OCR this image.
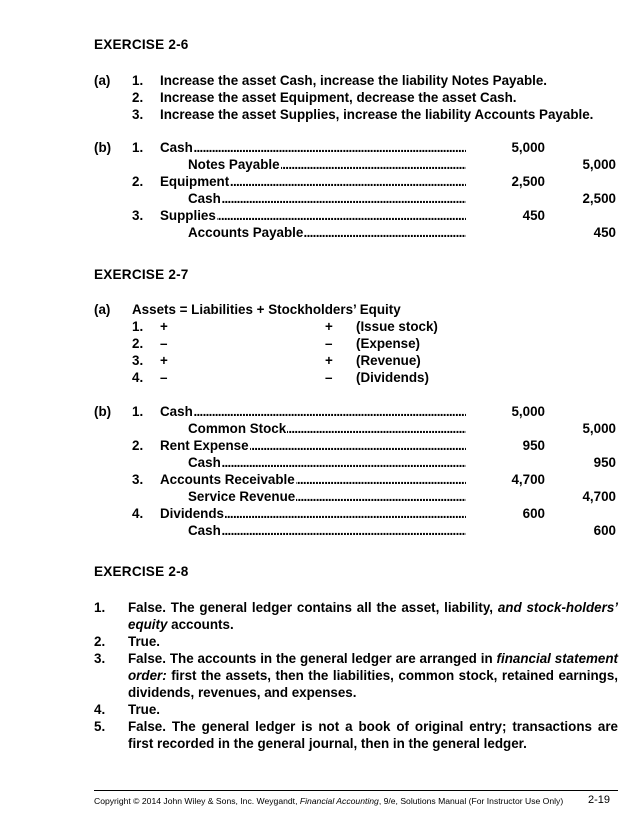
EXERCISE 2-6
(a) 1. Increase the asset Cash, increase the liability Notes Payable.
2. Increase the asset Equipment, decrease the asset Cash.
3. Increase the asset Supplies, increase the liability Accounts Payable.
(b) 1. Cash . . .	5,000
Notes Payable . . .	5,000
2. Equipment . . .	2,500
Cash . . .	2,500
3. Supplies . . .	450
Accounts Payable . . .	450
EXERCISE 2-7
(a) Assets = Liabilities + Stockholders’ Equity
1. +	+ (Issue stock)
2. –	– (Expense)
3. +	+ (Revenue)
4. –	– (Dividends)
(b) 1. Cash . . .	5,000
Common Stock . . .	5,000
2. Rent Expense . . .	950
Cash . . .	950
3. Accounts Receivable . . .	4,700
Service Revenue . . .	4,700
4. Dividends . . .	600
Cash . . .	600
EXERCISE 2-8
1. False. The general ledger contains all the asset, liability, and stock-holders’ equity accounts.
2. True.
3. False. The accounts in the general ledger are arranged in financial statement order: first the assets, then the liabilities, common stock, retained earnings, dividends, revenues, and expenses.
4. True.
5. False. The general ledger is not a book of original entry; transactions are first recorded in the general journal, then in the general ledger.
Copyright © 2014 John Wiley & Sons, Inc. Weygandt, Financial Accounting, 9/e, Solutions Manual (For Instructor Use Only) 2-19
